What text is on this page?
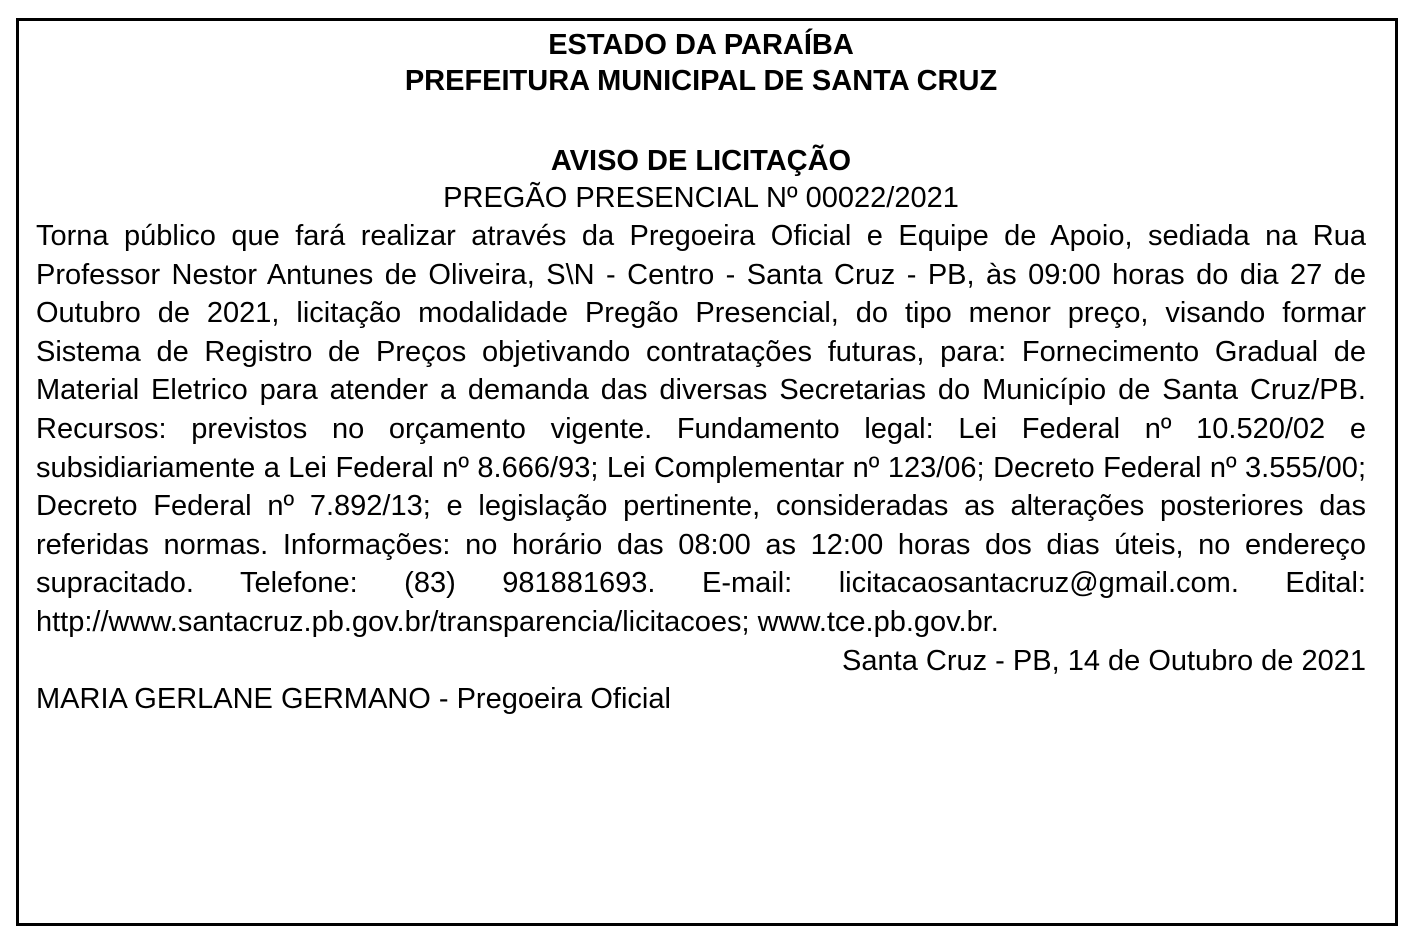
ESTADO DA PARAÍBA
PREFEITURA MUNICIPAL DE SANTA CRUZ
AVISO DE LICITAÇÃO
PREGÃO PRESENCIAL Nº 00022/2021

Torna público que fará realizar através da Pregoeira Oficial e Equipe de Apoio, sediada na Rua Professor Nestor Antunes de Oliveira, S\N - Centro - Santa Cruz - PB, às 09:00 horas do dia 27 de Outubro de 2021, licitação modalidade Pregão Presencial, do tipo menor preço, visando formar Sistema de Registro de Preços objetivando contratações futuras, para: Fornecimento Gradual de Material Eletrico para atender a demanda das diversas Secretarias do Município de Santa Cruz/PB. Recursos: previstos no orçamento vigente. Fundamento legal: Lei Federal nº 10.520/02 e subsidiariamente a Lei Federal nº 8.666/93; Lei Complementar nº 123/06; Decreto Federal nº 3.555/00; Decreto Federal nº 7.892/13; e legislação pertinente, consideradas as alterações posteriores das referidas normas. Informações: no horário das 08:00 as 12:00 horas dos dias úteis, no endereço supracitado. Telefone: (83) 981881693. E-mail: licitacaosantacruz@gmail.com. Edital: http://www.santacruz.pb.gov.br/transparencia/licitacoes; www.tce.pb.gov.br.

Santa Cruz - PB, 14 de Outubro de 2021
MARIA GERLANE GERMANO - Pregoeira Oficial
